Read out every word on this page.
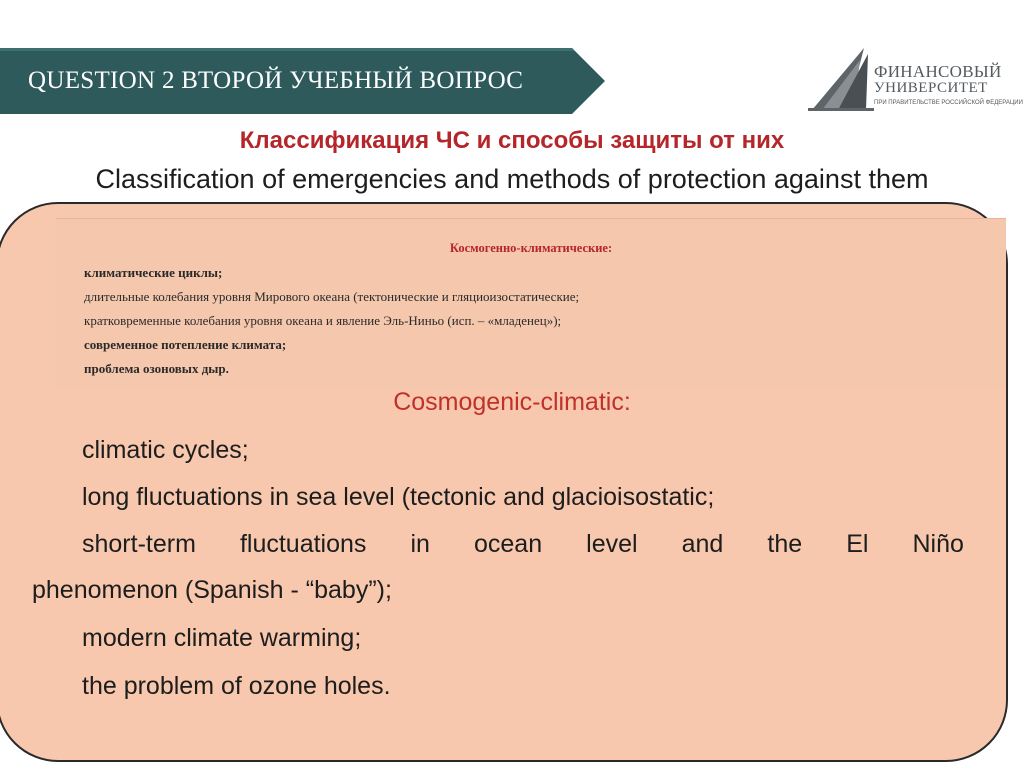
QUESTION 2 ВТОРОЙ УЧЕБНЫЙ ВОПРОС	ФИНАНСОВЫЙ
УНИВЕРСИТЕТ
ПРИ ПРАВИТЕЛЬСТВЕ РОССИЙСКОЙ ФЕДЕРАЦИИ
Классификация ЧС и способы защиты от них
Classification of emergencies and methods of protection against them
Космогенно-климатические:
климатические циклы;
длительные колебания уровня Мирового океана (тектонические и гляциоизостатические;
кратковременные колебания уровня океана и явление Эль-Ниньо (исп. – «младенец»);
современное потепление климата;
проблема озоновых дыр.
Cosmogenic-climatic:
climatic cycles;
long fluctuations in sea level (tectonic and glacioisostatic;
short-term fluctuations in ocean level and the El Niño
phenomenon (Spanish - “baby”);
modern climate warming;
the problem of ozone holes.
